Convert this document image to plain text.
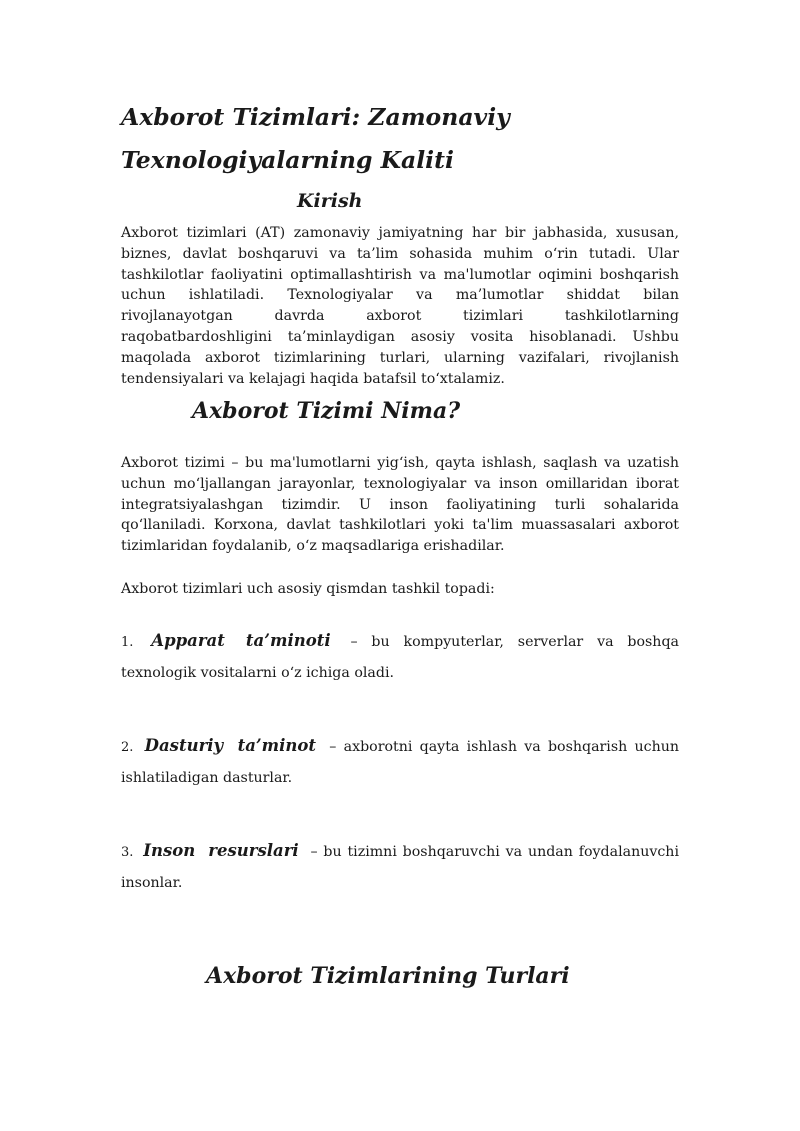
Axborot Tizimlari: Zamonaviy Texnologiyalarning Kaliti
Kirish

Axborot tizimlari (AT) zamonaviy jamiyatning har bir jabhasida, xususan, biznes, davlat boshqaruvi va ta’lim sohasida muhim o‘rin tutadi. Ular tashkilotlar faoliyatini optimallashtirish va ma'lumotlar oqimini boshqarish uchun ishlatiladi. Texnologiyalar va ma’lumotlar shiddat bilan rivojlanayotgan davrda axborot tizimlari tashkilotlarning raqobatbardoshligini ta’minlaydigan asosiy vosita hisoblanadi. Ushbu maqolada axborot tizimlarining turlari, ularning vazifalari, rivojlanish tendensiyalari va kelajagi haqida batafsil to‘xtalamiz.

Axborot Tizimi Nima?

Axborot tizimi – bu ma'lumotlarni yig‘ish, qayta ishlash, saqlash va uzatish uchun mo‘ljallangan jarayonlar, texnologiyalar va inson omillaridan iborat integratsiyalashgan tizimdir. U inson faoliyatining turli sohalarida qo‘llaniladi. Korxona, davlat tashkilotlari yoki ta'lim muassasalari axborot tizimlaridan foydalanib, o‘z maqsadlariga erishadilar.

Axborot tizimlari uch asosiy qismdan tashkil topadi:

1. Apparat ta’minoti – bu kompyuterlar, serverlar va boshqa texnologik vositalarni o‘z ichiga oladi.

2. Dasturiy ta’minot – axborotni qayta ishlash va boshqarish uchun ishlatiladigan dasturlar.

3. Inson resurslari – bu tizimni boshqaruvchi va undan foydalanuvchi insonlar.

Axborot Tizimlarining Turlari
